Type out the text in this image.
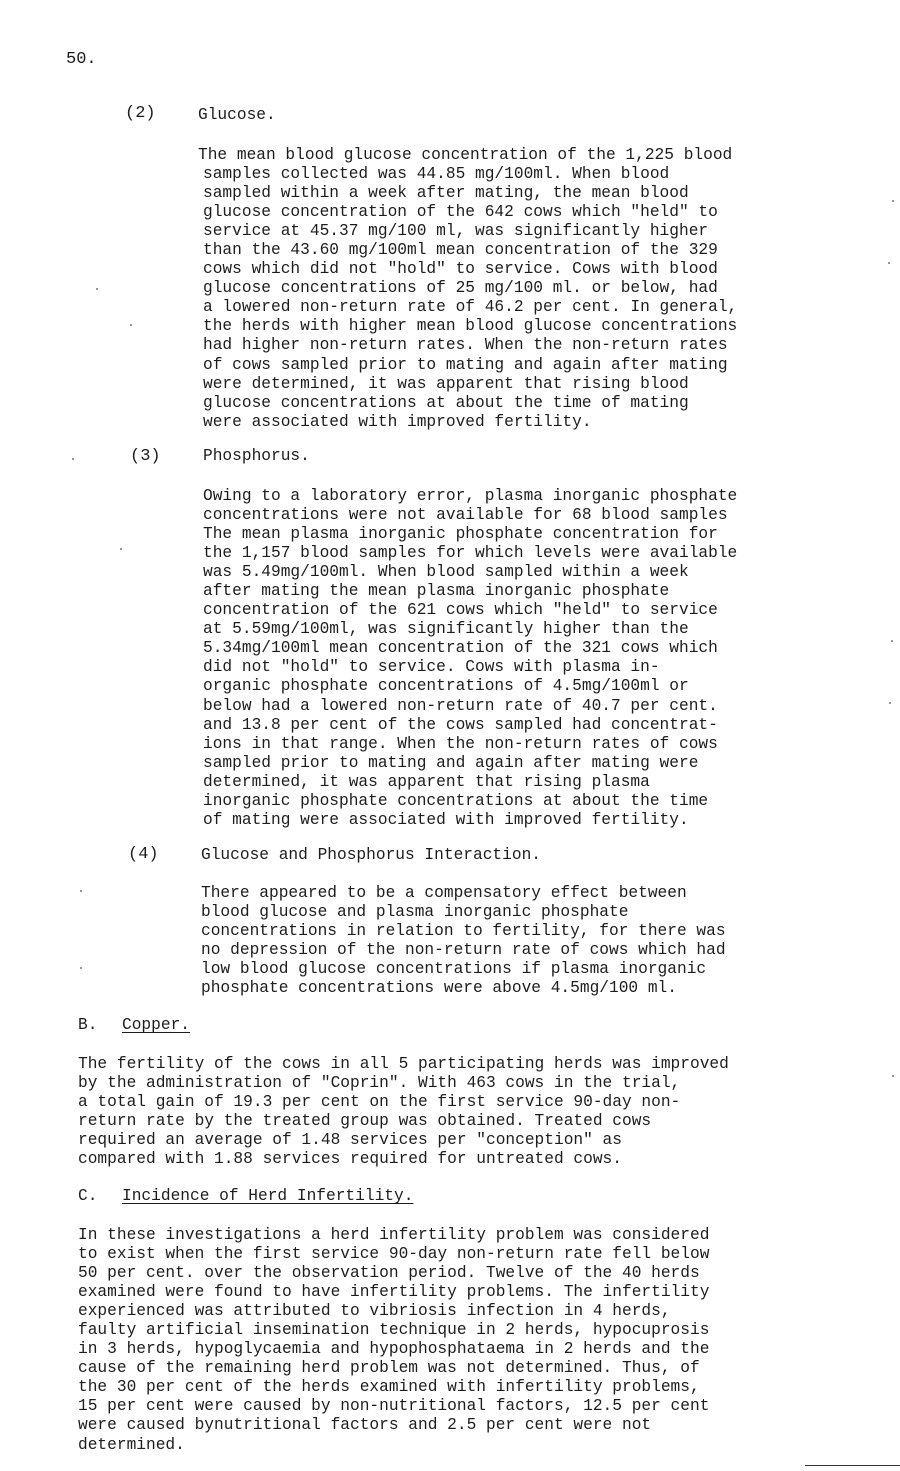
50.
(2)	Glucose.
The mean blood glucose concentration of the 1,225 blood
samples collected was 44.85 mg/100ml. When blood
sampled within a week after mating, the mean blood
glucose concentration of the 642 cows which "held" to
service at 45.37 mg/100 ml, was significantly higher
than the 43.60 mg/100ml mean concentration of the 329
cows which did not "hold" to service. Cows with blood
glucose concentrations of 25 mg/100 ml. or below, had
a lowered non-return rate of 46.2 per cent. In general,
the herds with higher mean blood glucose concentrations
had higher non-return rates. When the non-return rates
of cows sampled prior to mating and again after mating
were determined, it was apparent that rising blood
glucose concentrations at about the time of mating
were associated with improved fertility.
(3)	Phosphorus.
Owing to a laboratory error, plasma inorganic phosphate
concentrations were not available for 68 blood samples
The mean plasma inorganic phosphate concentration for
the 1,157 blood samples for which levels were available
was 5.49mg/100ml. When blood sampled within a week
after mating the mean plasma inorganic phosphate
concentration of the 621 cows which "held" to service
at 5.59mg/100ml, was significantly higher than the
5.34mg/100ml mean concentration of the 321 cows which
did not "hold" to service. Cows with plasma in-
organic phosphate concentrations of 4.5mg/100ml or
below had a lowered non-return rate of 40.7 per cent.
and 13.8 per cent of the cows sampled had concentrat-
ions in that range. When the non-return rates of cows
sampled prior to mating and again after mating were
determined, it was apparent that rising plasma
inorganic phosphate concentrations at about the time
of mating were associated with improved fertility.
(4)	Glucose and Phosphorus Interaction.
There appeared to be a compensatory effect between
blood glucose and plasma inorganic phosphate
concentrations in relation to fertility, for there was
no depression of the non-return rate of cows which had
low blood glucose concentrations if plasma inorganic
phosphate concentrations were above 4.5mg/100 ml.
B. Copper.
The fertility of the cows in all 5 participating herds was improved
by the administration of "Coprin". With 463 cows in the trial,
a total gain of 19.3 per cent on the first service 90-day non-
return rate by the treated group was obtained. Treated cows
required an average of 1.48 services per "conception" as
compared with 1.88 services required for untreated cows.
C. Incidence of Herd Infertility.
In these investigations a herd infertility problem was considered
to exist when the first service 90-day non-return rate fell below
50 per cent. over the observation period. Twelve of the 40 herds
examined were found to have infertility problems. The infertility
experienced was attributed to vibriosis infection in 4 herds,
faulty artificial insemination technique in 2 herds, hypocuprosis
in 3 herds, hypoglycaemia and hypophosphataema in 2 herds and the
cause of the remaining herd problem was not determined. Thus, of
the 30 per cent of the herds examined with infertility problems,
15 per cent were caused by non-nutritional factors, 12.5 per cent
were caused bynutritional factors and 2.5 per cent were not
determined.
